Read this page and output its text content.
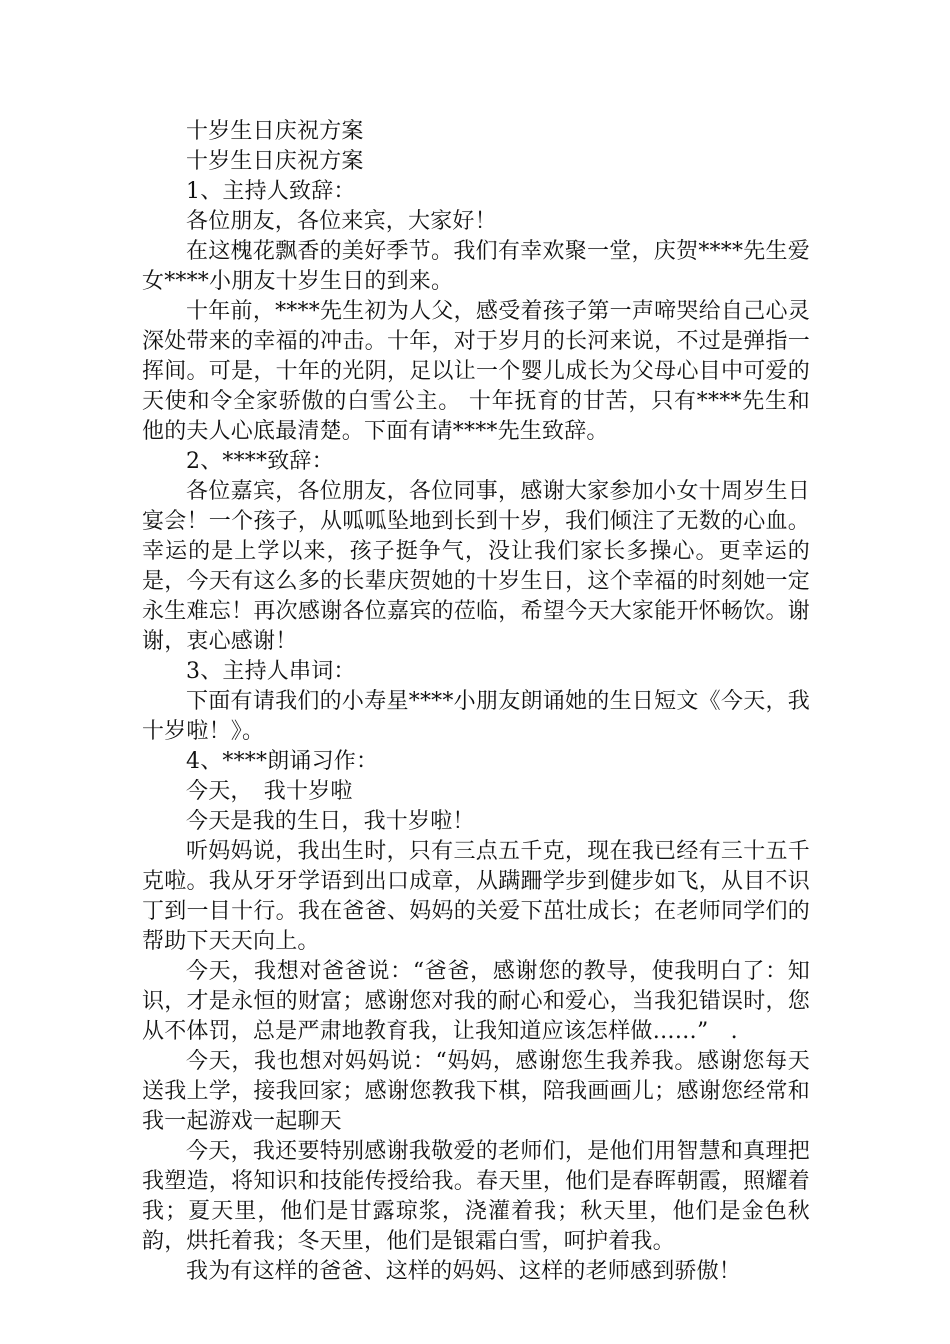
十岁生日庆祝方案

十岁生日庆祝方案

1、主持人致辞：

各位朋友，各位来宾，大家好！

在这槐花飘香的美好季节。我们有幸欢聚一堂，庆贺****先生爱女****小朋友十岁生日的到来。

十年前，****先生初为人父，感受着孩子第一声啼哭给自己心灵深处带来的幸福的冲击。十年，对于岁月的长河来说，不过是弹指一挥间。可是，十年的光阴，足以让一个婴儿成长为父母心目中可爱的天使和令全家骄傲的白雪公主。 十年抚育的甘苦，只有****先生和他的夫人心底最清楚。下面有请****先生致辞。

2、****致辞：

各位嘉宾，各位朋友，各位同事，感谢大家参加小女十周岁生日宴会！一个孩子，从呱呱坠地到长到十岁，我们倾注了无数的心血。幸运的是上学以来，孩子挺争气，没让我们家长多操心。更幸运的是，今天有这么多的长辈庆贺她的十岁生日，这个幸福的时刻她一定永生难忘！再次感谢各位嘉宾的莅临，希望今天大家能开怀畅饮。谢谢，衷心感谢！

3、主持人串词：

下面有请我们的小寿星****小朋友朗诵她的生日短文《今天，我十岁啦！》。

4、****朗诵习作：

今天，　我十岁啦

今天是我的生日，我十岁啦！

听妈妈说，我出生时，只有三点五千克，现在我已经有三十五千克啦。我从牙牙学语到出口成章，从蹒跚学步到健步如飞，从目不识丁到一目十行。我在爸爸、妈妈的关爱下茁壮成长；在老师同学们的帮助下天天向上。

今天，我想对爸爸说：“爸爸，感谢您的教导，使我明白了：知识，才是永恒的财富；感谢您对我的耐心和爱心，当我犯错误时，您从不体罚，总是严肃地教育我，让我知道应该怎样做……”　.

今天，我也想对妈妈说：“妈妈，感谢您生我养我。感谢您每天送我上学，接我回家；感谢您教我下棋，陪我画画儿；感谢您经常和我一起游戏一起聊天

今天，我还要特别感谢我敬爱的老师们，是他们用智慧和真理把我塑造，将知识和技能传授给我。春天里，他们是春晖朝霞，照耀着我；夏天里，他们是甘露琼浆，浇灌着我；秋天里，他们是金色秋韵，烘托着我；冬天里，他们是银霜白雪，呵护着我。

我为有这样的爸爸、这样的妈妈、这样的老师感到骄傲！
